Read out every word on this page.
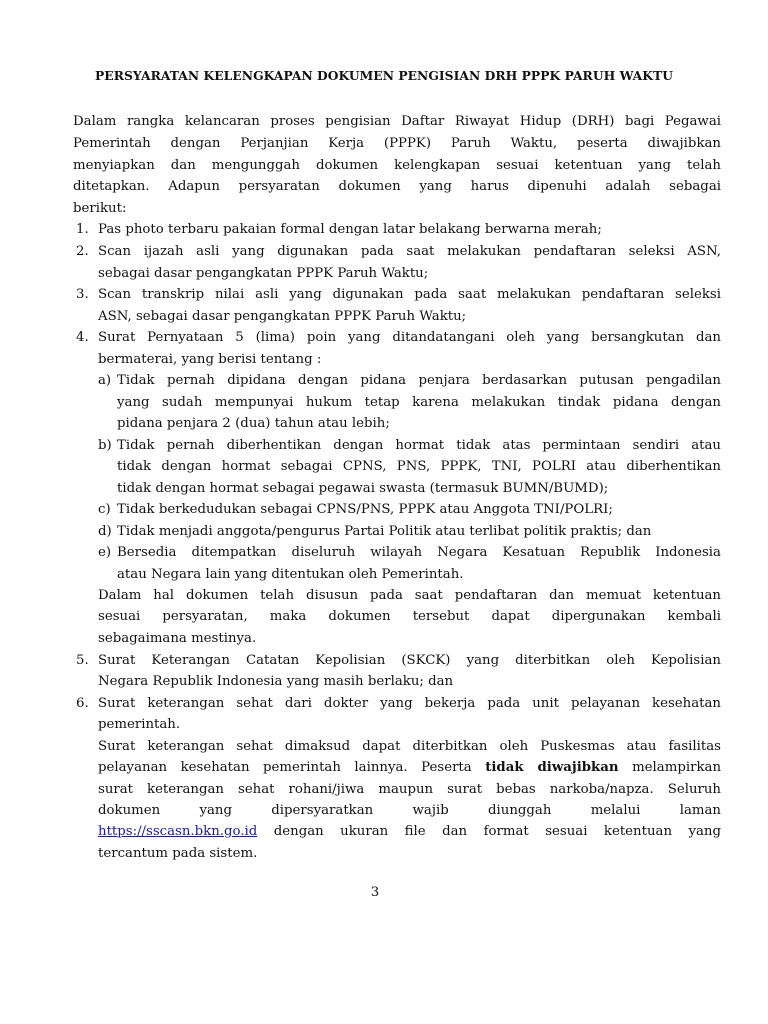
PERSYARATAN KELENGKAPAN DOKUMEN PENGISIAN DRH PPPK PARUH WAKTU
Dalam rangka kelancaran proses pengisian Daftar Riwayat Hidup (DRH) bagi Pegawai
Pemerintah dengan Perjanjian Kerja (PPPK) Paruh Waktu, peserta diwajibkan
menyiapkan dan mengunggah dokumen kelengkapan sesuai ketentuan yang telah
ditetapkan. Adapun persyaratan dokumen yang harus dipenuhi adalah sebagai
berikut:
1. Pas photo terbaru pakaian formal dengan latar belakang berwarna merah;
2. Scan ijazah asli yang digunakan pada saat melakukan pendaftaran seleksi ASN,
sebagai dasar pengangkatan PPPK Paruh Waktu;
3. Scan transkrip nilai asli yang digunakan pada saat melakukan pendaftaran seleksi
ASN, sebagai dasar pengangkatan PPPK Paruh Waktu;
4. Surat Pernyataan 5 (lima) poin yang ditandatangani oleh yang bersangkutan dan
bermaterai, yang berisi tentang :
a) Tidak pernah dipidana dengan pidana penjara berdasarkan putusan pengadilan
yang sudah mempunyai hukum tetap karena melakukan tindak pidana dengan
pidana penjara 2 (dua) tahun atau lebih;
b) Tidak pernah diberhentikan dengan hormat tidak atas permintaan sendiri atau
tidak dengan hormat sebagai CPNS, PNS, PPPK, TNI, POLRI atau diberhentikan
tidak dengan hormat sebagai pegawai swasta (termasuk BUMN/BUMD);
c) Tidak berkedudukan sebagai CPNS/PNS, PPPK atau Anggota TNI/POLRI;
d) Tidak menjadi anggota/pengurus Partai Politik atau terlibat politik praktis; dan
e) Bersedia ditempatkan diseluruh wilayah Negara Kesatuan Republik Indonesia
atau Negara lain yang ditentukan oleh Pemerintah.
Dalam hal dokumen telah disusun pada saat pendaftaran dan memuat ketentuan
sesuai persyaratan, maka dokumen tersebut dapat dipergunakan kembali
sebagaimana mestinya.
5. Surat Keterangan Catatan Kepolisian (SKCK) yang diterbitkan oleh Kepolisian
Negara Republik Indonesia yang masih berlaku; dan
6. Surat keterangan sehat dari dokter yang bekerja pada unit pelayanan kesehatan
pemerintah.
Surat keterangan sehat dimaksud dapat diterbitkan oleh Puskesmas atau fasilitas
pelayanan kesehatan pemerintah lainnya. Peserta tidak diwajibkan melampirkan
surat keterangan sehat rohani/jiwa maupun surat bebas narkoba/napza. Seluruh
dokumen yang dipersyaratkan wajib diunggah melalui laman
https://sscasn.bkn.go.id dengan ukuran file dan format sesuai ketentuan yang
tercantum pada sistem.
3
